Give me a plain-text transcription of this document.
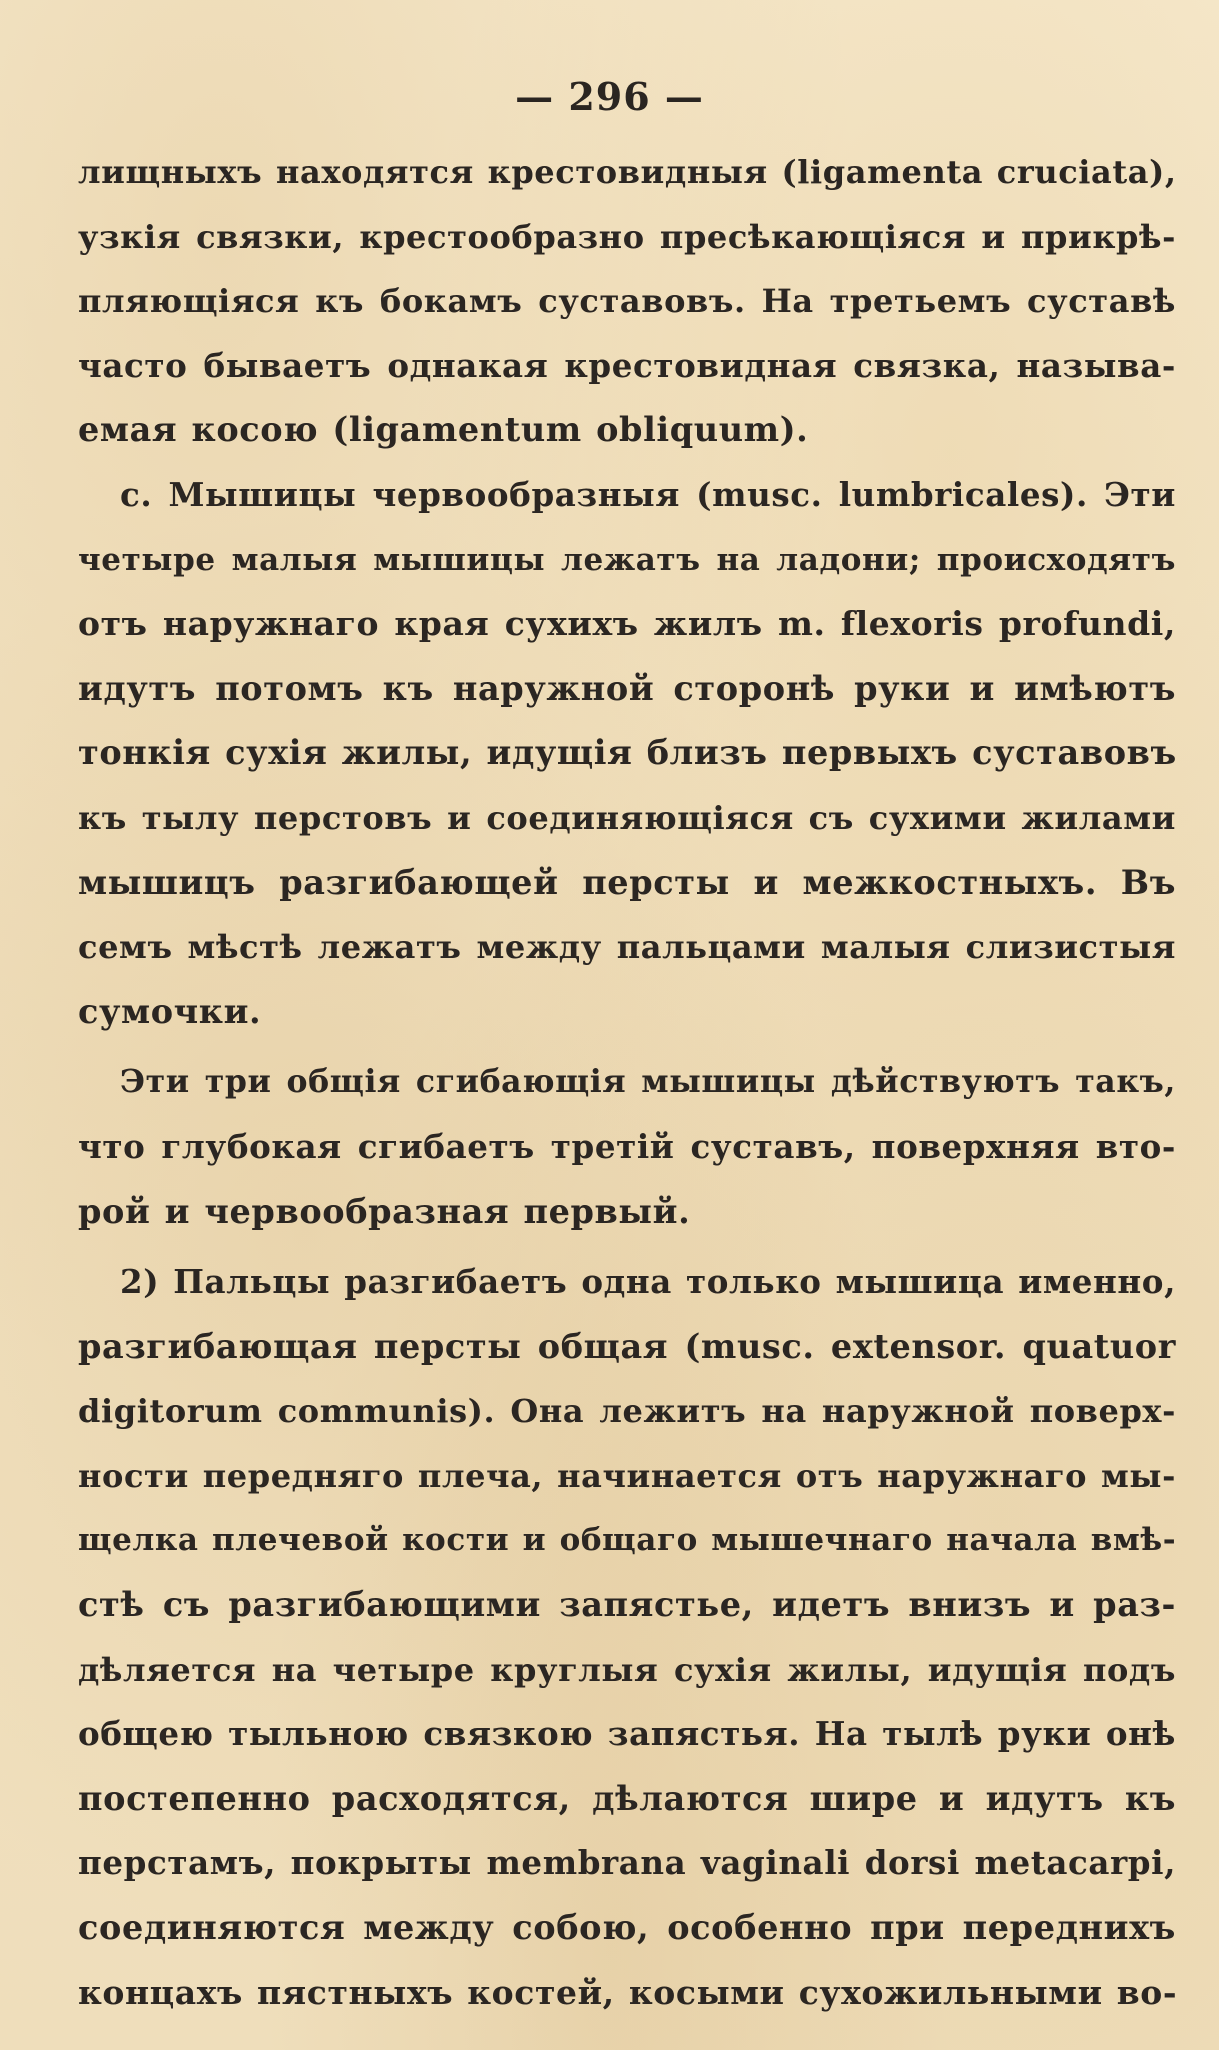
— 296 —
лищныхъ находятся крестовидныя (ligamenta cruciata),
узкія связки, крестообразно пресѣкающіяся и прикрѣ-
пляющіяся къ бокамъ суставовъ. На третьемъ суставѣ
часто бываетъ однакая крестовидная связка, называ-
емая косою (ligamentum obliquum).
c. Мышицы червообразныя (musc. lumbricales). Эти
четыре малыя мышицы лежатъ на ладони; происходятъ
отъ наружнаго края сухихъ жилъ m. flexoris profundi,
идутъ потомъ къ наружной сторонѣ руки и имѣютъ
тонкія сухія жилы, идущія близъ первыхъ суставовъ
къ тылу перстовъ и соединяющіяся съ сухими жилами
мышицъ разгибающей персты и межкостныхъ. Въ
семъ мѣстѣ лежатъ между пальцами малыя слизистыя
сумочки.
Эти три общія сгибающія мышицы дѣйствуютъ такъ,
что глубокая сгибаетъ третій суставъ, поверхняя вто-
рой и червообразная первый.
2) Пальцы разгибаетъ одна только мышица именно,
разгибающая персты общая (musc. extensor. quatuor
digitorum communis). Она лежитъ на наружной поверх-
ности передняго плеча, начинается отъ наружнаго мы-
щелка плечевой кости и общаго мышечнаго начала вмѣ-
стѣ съ разгибающими запястье, идетъ внизъ и раз-
дѣляется на четыре круглыя сухія жилы, идущія подъ
общею тыльною связкою запястья. На тылѣ руки онѣ
постепенно расходятся, дѣлаются шире и идутъ къ
перстамъ, покрыты membrana vaginali dorsi metacarpi,
соединяются между собою, особенно при переднихъ
концахъ пястныхъ костей, косыми сухожильными во-
